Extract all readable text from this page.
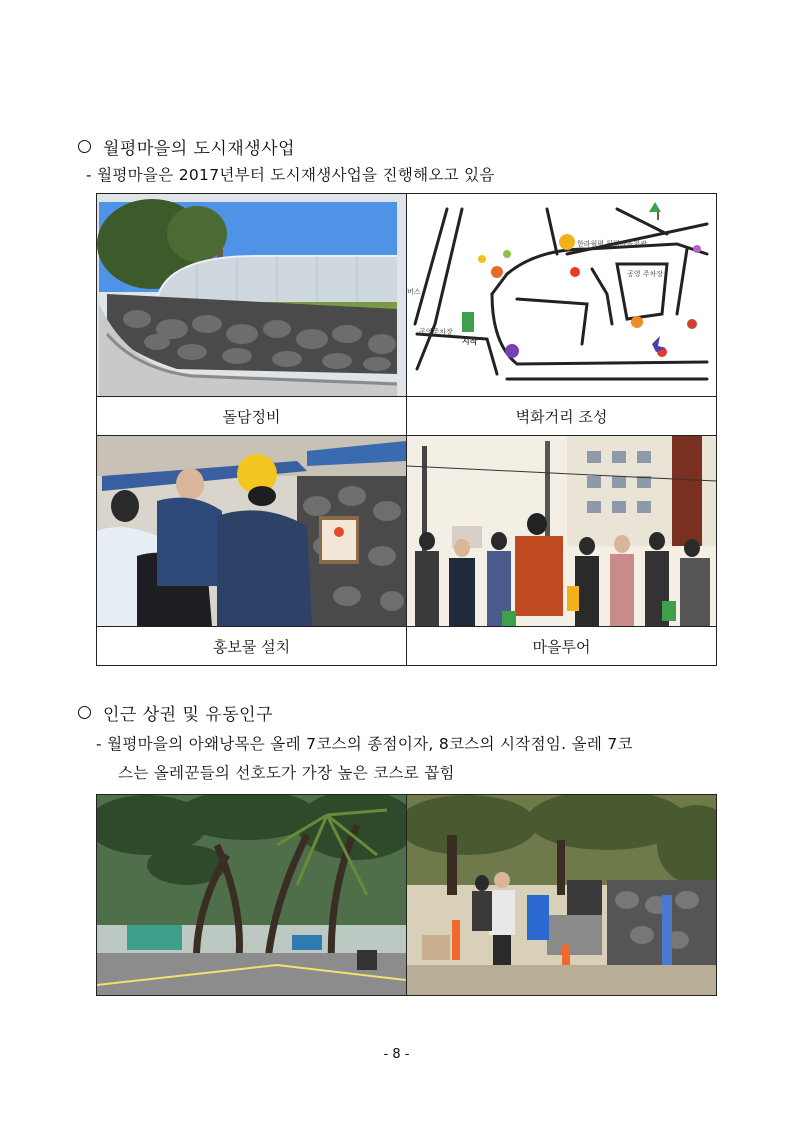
월평마을의 도시재생사업
- 월평마을은 2017년부터 도시재생사업을 진행해오고 있음

버스
시작
공영주차장
한라월평 월평마을회관
공영 주차장

돌담정비	벽화거리 조성

홍보물 설치	마을투어
인근 상권 및 유동인구
- 월평마을의 아왜낭목은 올레 7코스의 종점이자, 8코스의 시작점임. 올레 7코
스는 올레꾼들의 선호도가 가장 높은 코스로 꼽힘

- 8 -
